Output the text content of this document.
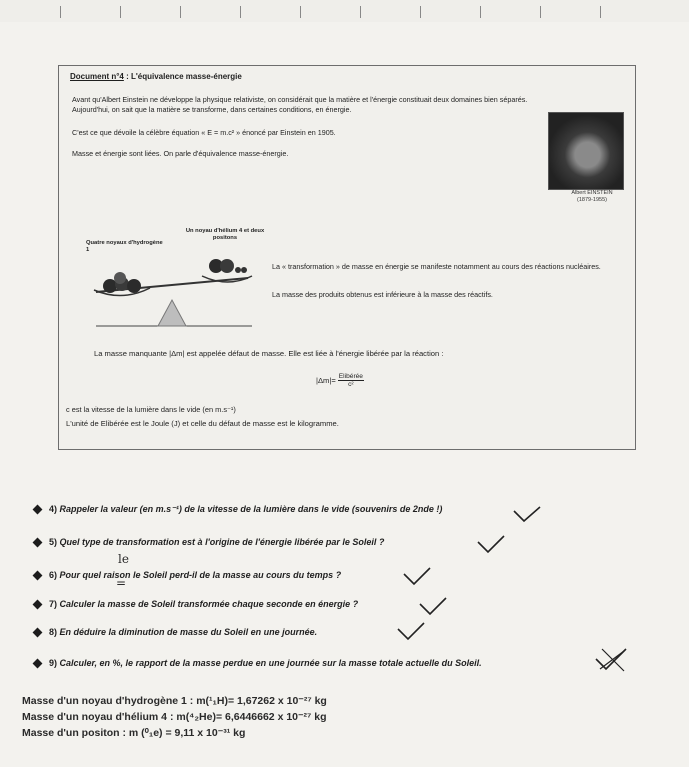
Document n°4 : L'équivalence masse-énergie
Avant qu'Albert Einstein ne développe la physique relativiste, on considérait que la matière et l'énergie constituait deux domaines bien séparés. Aujourd'hui, on sait que la matière se transforme, dans certaines conditions, en énergie.
C'est ce que dévoile la célèbre équation « E = m.c² » énoncé par Einstein en 1905.
Masse et énergie sont liées. On parle d'équivalence masse-énergie.
Albert EINSTEIN
(1879-1955)
Quatre noyaux d'hydrogène 1
Un noyau d'hélium 4 et deux positons
La « transformation » de masse en énergie se manifeste notamment au cours des réactions nucléaires.
La masse des produits obtenus est inférieure à la masse des réactifs.
La masse manquante |Δm| est appelée défaut de masse. Elle est liée à l'énergie libérée par la réaction :
$|\Delta m|= \frac{\text{Elibérée}}{\text{c²}}$
c est la vitesse de la lumière dans le vide (en m.s⁻¹)
L'unité de Elibérée est le Joule (J) et celle du défaut de masse est le kilogramme.
4) Rappeler la valeur (en m.s⁻¹) de la vitesse de la lumière dans le vide (souvenirs de 2nde !)
5) Quel type de transformation est à l'origine de l'énergie libérée par le Soleil ?
6) Pour quel raison le Soleil perd-il de la masse au cours du temps ?
7) Calculer la masse de Soleil transformée chaque seconde en énergie ?
8) En déduire la diminution de masse du Soleil en une journée.
9) Calculer, en %, le rapport de la masse perdue en une journée sur la masse totale actuelle du Soleil.
le
=
Masse d'un noyau d'hydrogène 1 : m(¹₁H)= 1,67262 x 10⁻²⁷ kg
Masse d'un noyau d'hélium 4 : m(⁴₂He)= 6,6446662 x 10⁻²⁷ kg
Masse d'un positon : m (⁰₁e) = 9,11 x 10⁻³¹ kg
